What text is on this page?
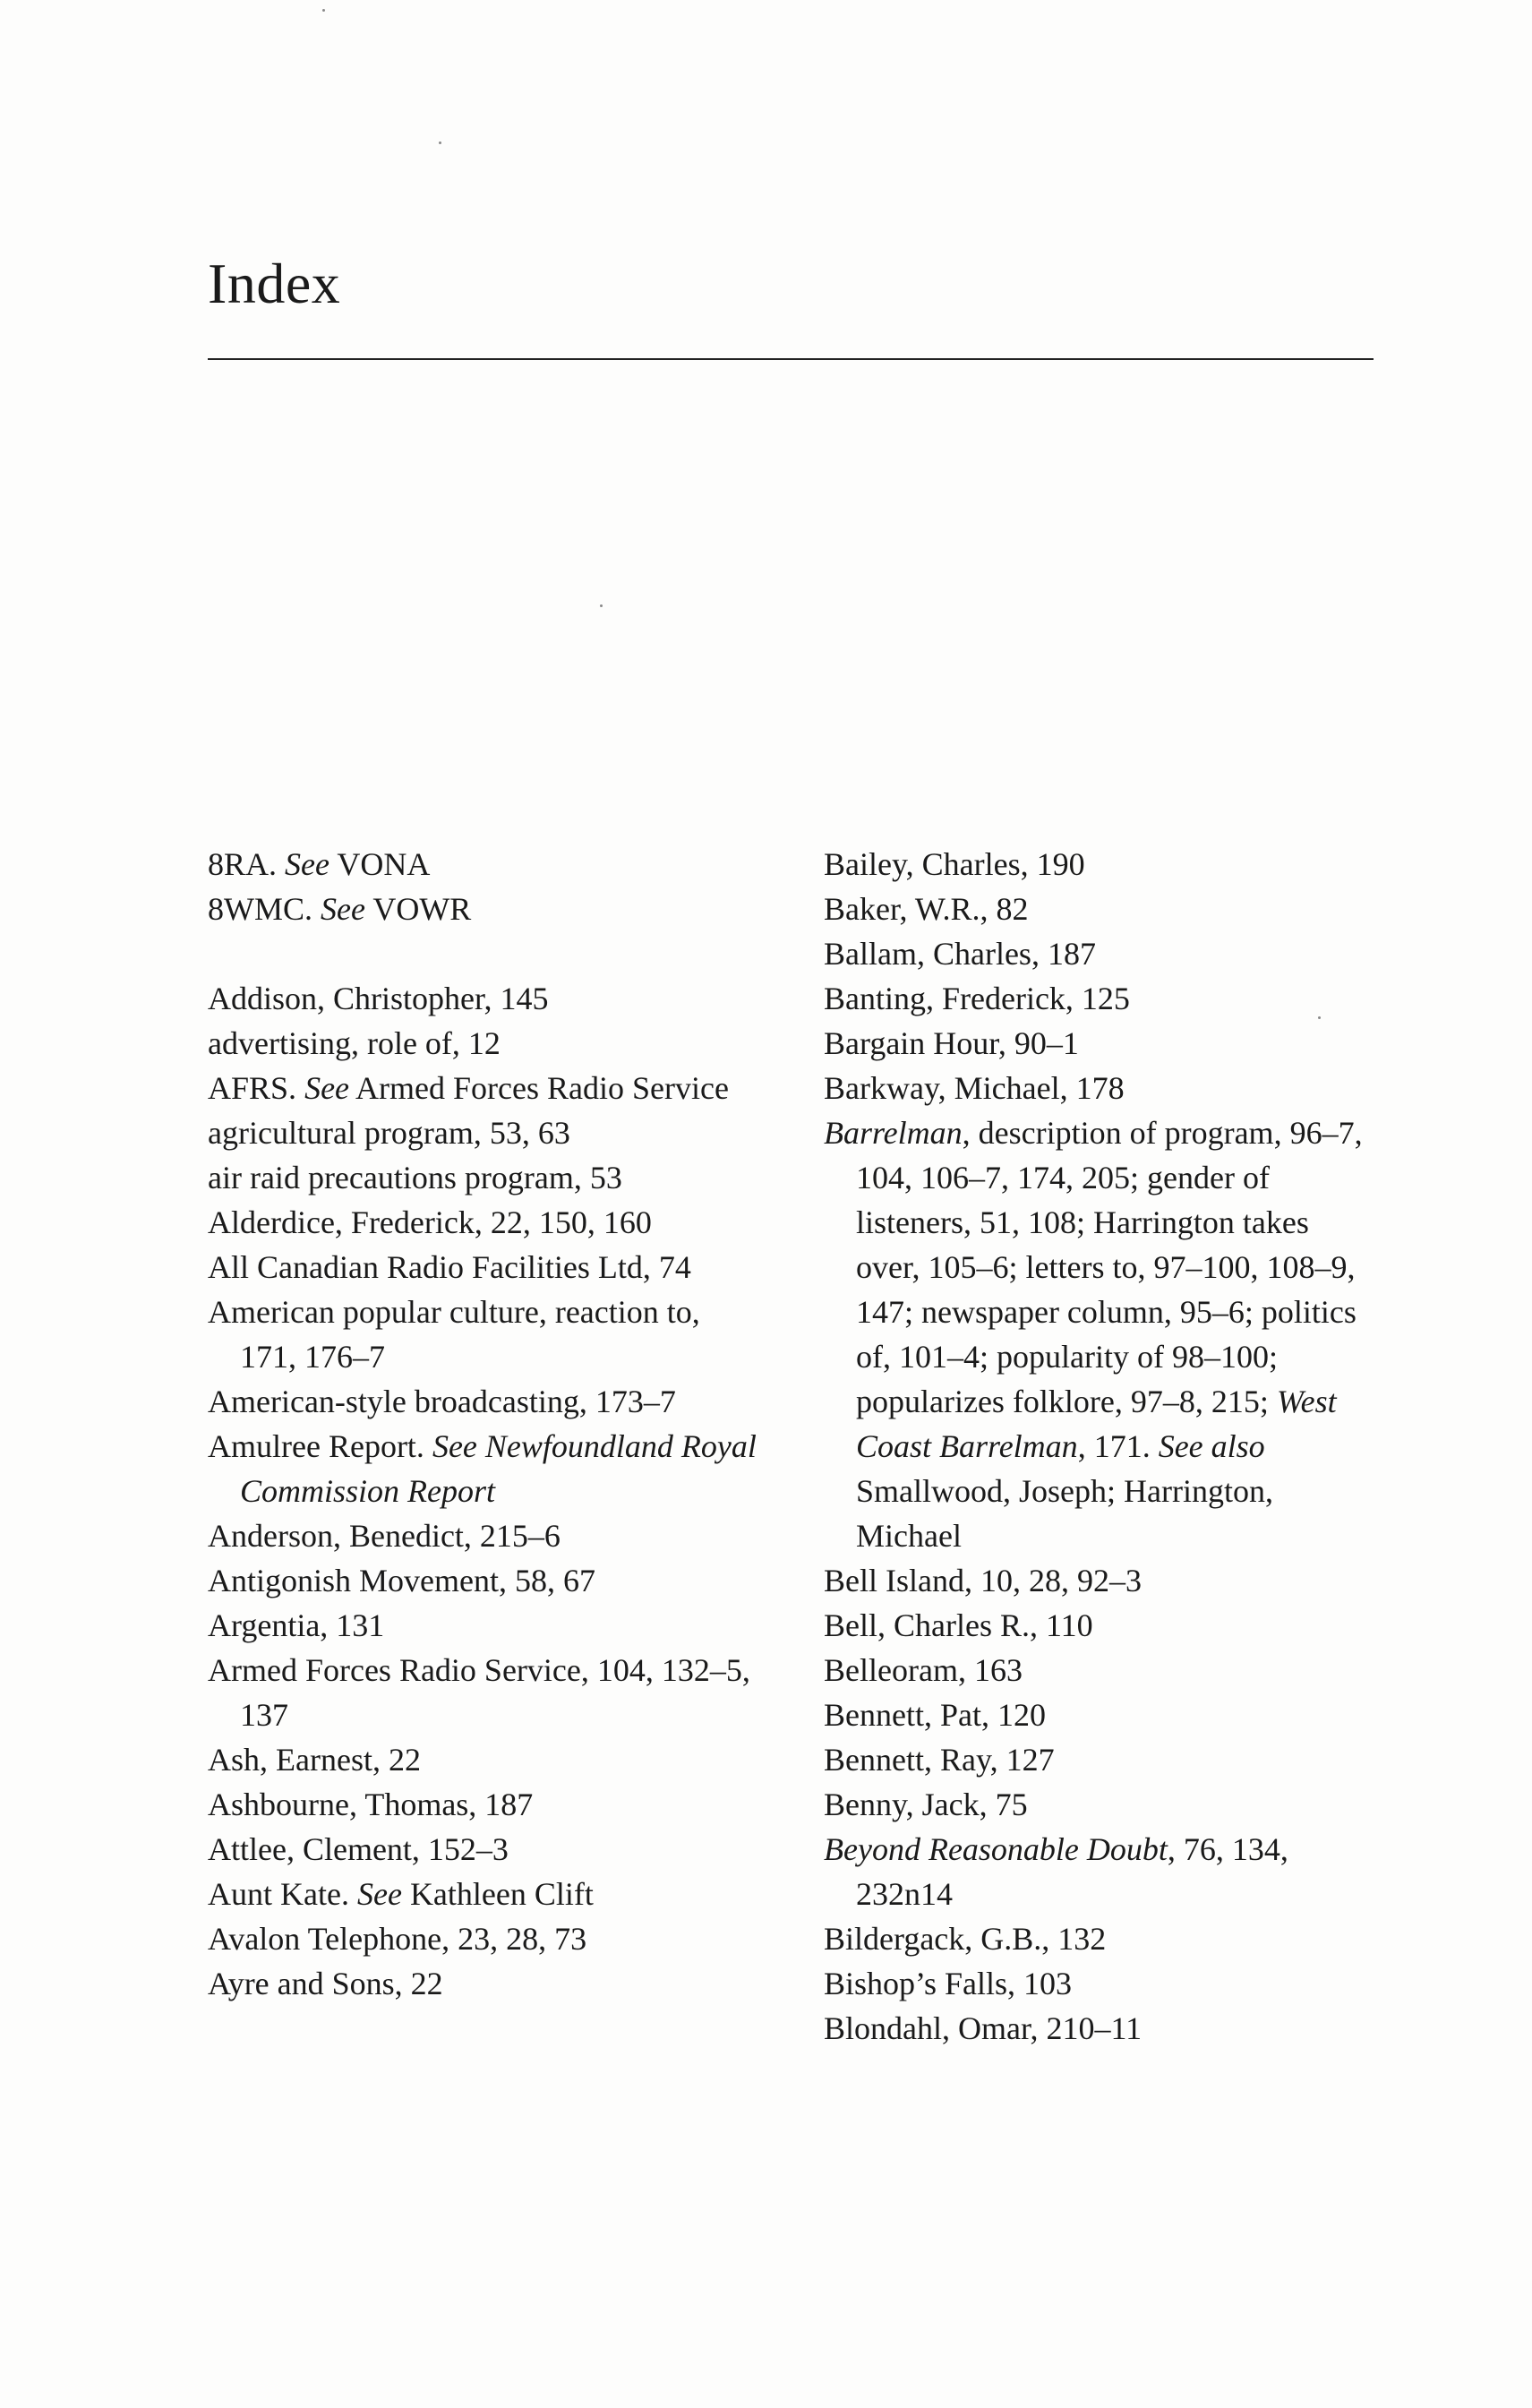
Index

8RA. See VONA

8WMC. See VOWR

Addison, Christopher, 145

advertising, role of, 12

AFRS. See Armed Forces Radio Service

agricultural program, 53, 63

air raid precautions program, 53

Alderdice, Frederick, 22, 150, 160

All Canadian Radio Facilities Ltd, 74

American popular culture, reaction to, 171, 176–7

American-style broadcasting, 173–7

Amulree Report. See Newfoundland Royal Commission Report

Anderson, Benedict, 215–6

Antigonish Movement, 58, 67

Argentia, 131

Armed Forces Radio Service, 104, 132–5, 137

Ash, Earnest, 22

Ashbourne, Thomas, 187

Attlee, Clement, 152–3

Aunt Kate. See Kathleen Clift

Avalon Telephone, 23, 28, 73

Ayre and Sons, 22

Bailey, Charles, 190

Baker, W.R., 82

Ballam, Charles, 187

Banting, Frederick, 125

Bargain Hour, 90–1

Barkway, Michael, 178

Barrelman, description of program, 96–7, 104, 106–7, 174, 205; gender of listeners, 51, 108; Harrington takes over, 105–6; letters to, 97–100, 108–9, 147; newspaper column, 95–6; politics of, 101–4; popularity of 98–100; popularizes folklore, 97–8, 215; West Coast Barrelman, 171. See also Smallwood, Joseph; Harrington, Michael

Bell Island, 10, 28, 92–3

Bell, Charles R., 110

Belleoram, 163

Bennett, Pat, 120

Bennett, Ray, 127

Benny, Jack, 75

Beyond Reasonable Doubt, 76, 134, 232n14

Bildergack, G.B., 132

Bishop’s Falls, 103

Blondahl, Omar, 210–11
